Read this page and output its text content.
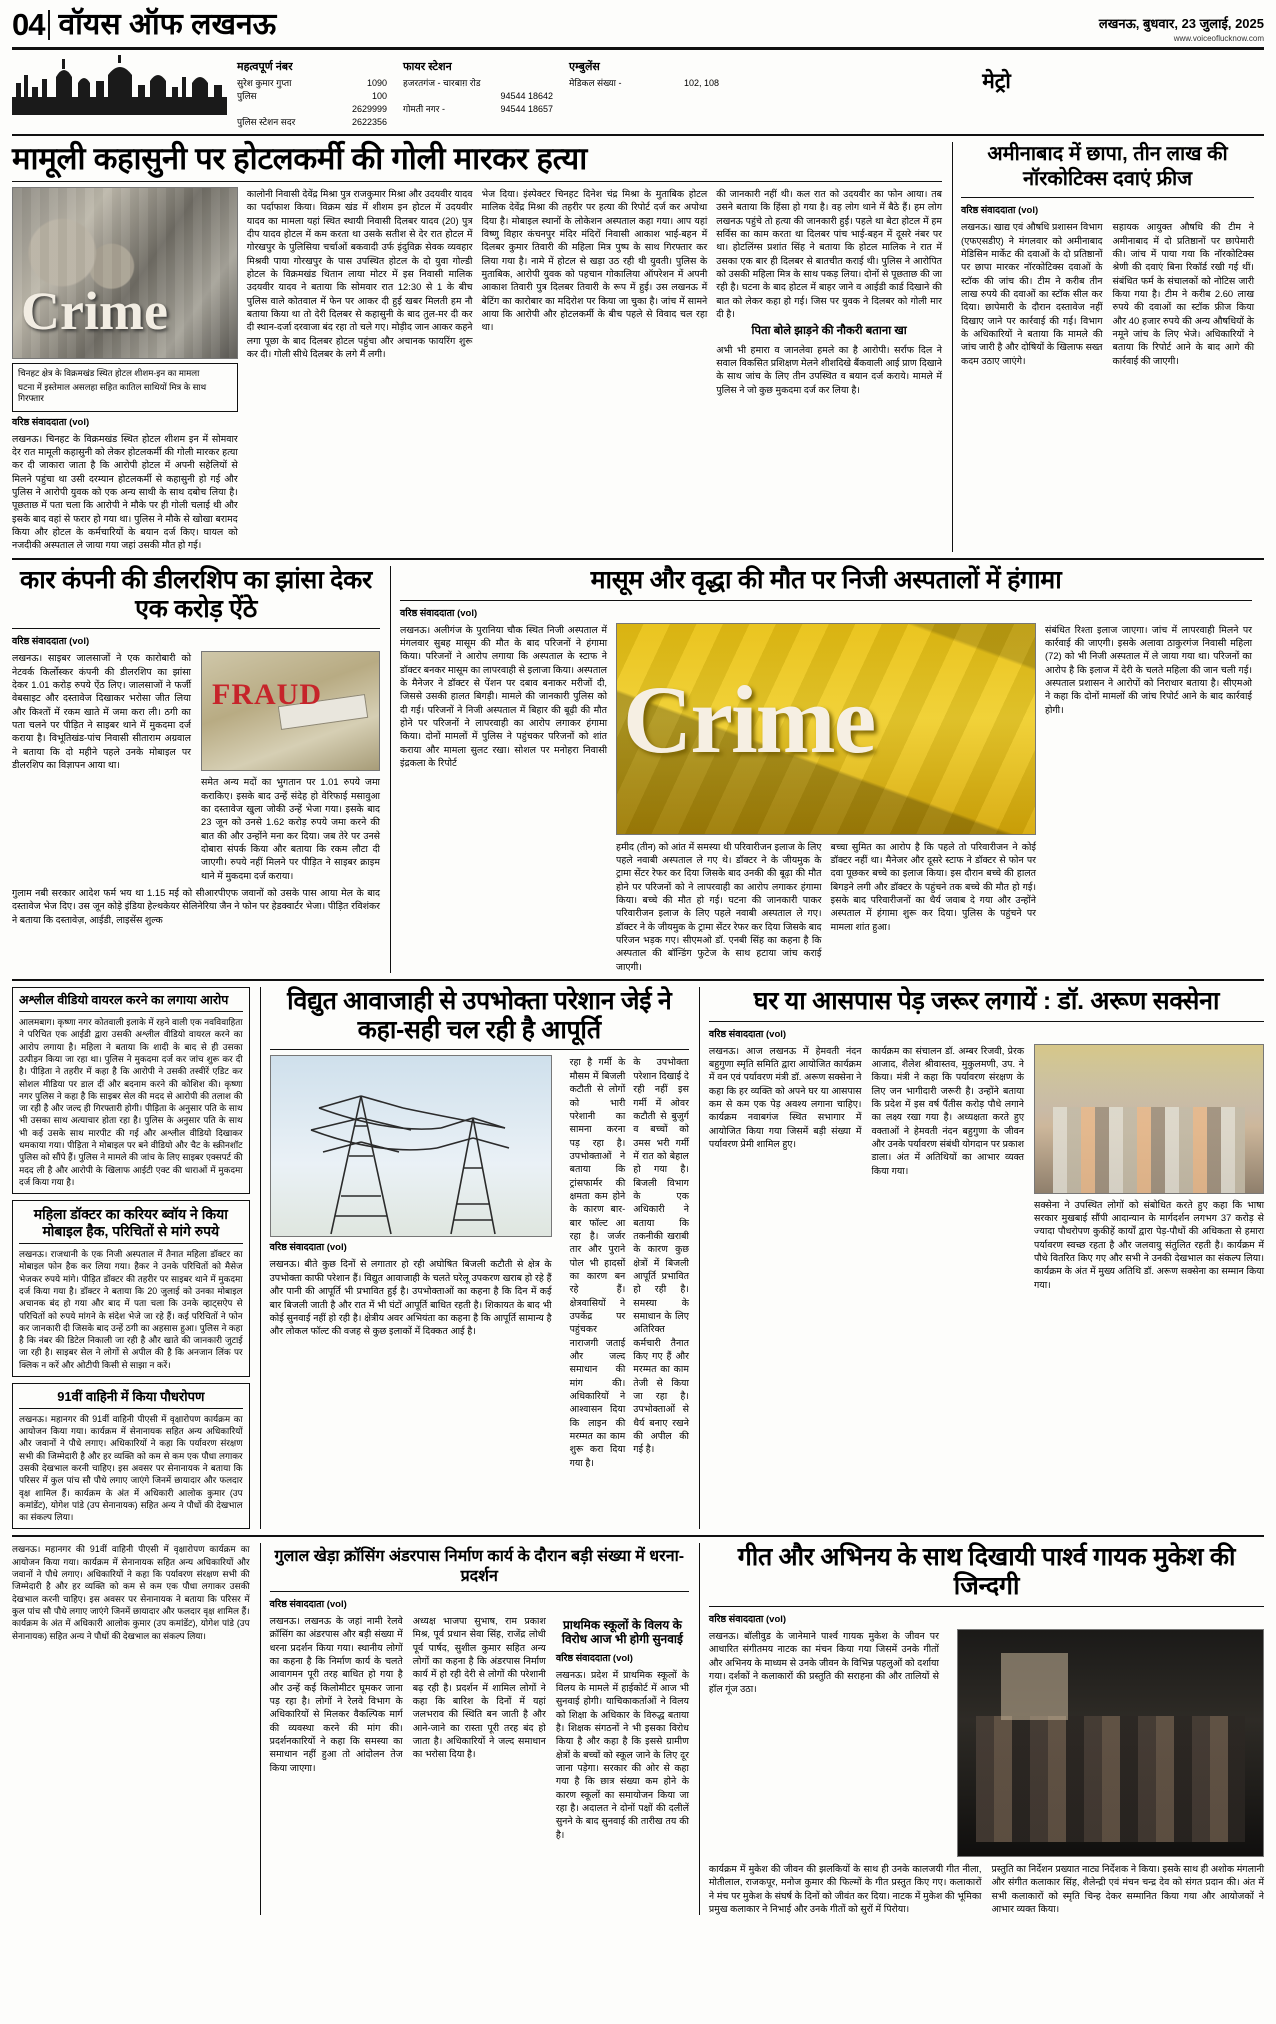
04 वॉयस ऑफ लखनऊ	लखनऊ, बुधवार, 23 जुलाई, 2025
www.voiceoflucknow.com
महत्वपूर्ण नंबर
सुरेश कुमार गुप्ता	1090
पुलिस	100
2629999
पुलिस स्टेशन सदर	2622356
फायर स्टेशन
हजरतगंज - चारबाग़ रोड
94544 18642
गोमती नगर -	94544 18657
एम्बुलेंस
मेडिकल संख्या -	102, 108	मेट्रो
मामूली कहासुनी पर होटलकर्मी की गोली मारकर हत्या
Crime
चिनहट क्षेत्र के विक्रमखंड स्थित होटल शीशम-इन का मामला
घटना में इस्तेमाल असलहा सहित कातिल साथियों मित्र के साथ गिरफ्तार
वरिष्ठ संवाददाता (vol)
लखनऊ। चिनहट के विक्रमखंड स्थित होटल शीशम इन में सोमवार देर रात मामूली कहासुनी को लेकर होटलकर्मी की गोली मारकर हत्या कर दी जाकारा जाता है कि आरोपी होटल में अपनी सहेलियों से मिलने पहुंचा था उसी दरम्यान होटलकर्मी से कहासुनी हो गई और पुलिस ने आरोपी युवक को एक अन्य साथी के साथ दबोच लिया है। पूछताछ में पता चला कि आरोपी ने मौके पर ही गोली चलाई थी और इसके बाद वहां से फरार हो गया था। पुलिस ने मौके से खोखा बरामद किया और होटल के कर्मचारियों के बयान दर्ज किए। घायल को नजदीकी अस्पताल ले जाया गया जहां उसकी मौत हो गई।
कालोनी निवासी देवेंद्र मिश्रा पुत्र राजकुमार मिश्रा और उदयवीर यादव का पर्दाफाश किया। विक्रम खंड में शीशम इन होटल में उदयवीर यादव का मामला यहां स्थित स्थायी निवासी दिलबर यादव (20) पुत्र दीप यादव होटल में कम करता था उसके सतीश से देर रात होटल में गोरखपुर के पुलिसिया चर्चाओं बकवादी उर्फ इंदुविक्र सेवक व्यवहार मिश्रवी पाया गोरखपुर के पास उपस्थित होटल के दो युवा गोल्डी होटल के विक्रमखंड थितान लाया मोटर में इस निवासी मालिक उदयवीर यादव ने बताया कि सोमवार रात 12:30 से 1 के बीच पुलिस वाले कोतवाल में फेन पर आकर दी हुई खबर मिलती हम नौ बताया किया था तो देरी दिलबर से कहासुनी के बाद तुल-मर दी कर दी स्थान-दर्जा दरवाजा बंद रहा तो चले गए। मोड़ीद जान आकर कहने लगा पूछा के बाद दिलबर होटल पहुंचा और अचानक फायरिंग शुरू कर दी। गोली सीधे दिलबर के लगे मैं लगी।
भेज दिया। इंस्पेक्टर चिनहट दिनेश चंद्र मिश्रा के मुताबिक होटल मालिक देवेंद्र मिश्रा की तहरीर पर हत्या की रिपोर्ट दर्ज कर अपोथा दिया है। मोबाइल स्थानों के लोकेशन अस्पताल कहा गया। आप यहां विष्णु विहार कंचनपुर मंदिर मंदिरों निवासी आकाश भाई-बहन में दिलबर कुमार तिवारी की महिला मित्र पुष्प के साथ गिरफ्तार कर लिया गया है। नामे में होटल से खड़ा उठ रही थी युवती। पुलिस के मुताबिक, आरोपी युवक को पहचान गोकालिया ऑपरेशन में अपनी आकाश तिवारी पुत्र दिलबर तिवारी के रूप में हुई। उस लखनऊ में बेटिंग का कारोबार का मदिरोश पर किया जा चुका है। जांच में सामने आया कि आरोपी और होटलकर्मी के बीच पहले से विवाद चल रहा था।
की जानकारी नहीं थी। कल रात को उदयवीर का फोन आया। तब उसने बताया कि हिंसा हो गया है। वह लोग थाने में बैठे हैं। हम लोग लखनऊ पहुंचे तो हत्या की जानकारी हुई। पहले था बेटा होटल में हम सर्विस का काम करता था दिलबर पांच भाई-बहन में दूसरे नंबर पर था। होटलिंग्स प्रशांत सिंह ने बताया कि होटल मालिक ने रात में उसका एक बार ही दिलबर से बातचीत कराई थी। पुलिस ने आरोपित को उसकी महिला मित्र के साथ पकड़ लिया। दोनों से पूछताछ की जा रही है। घटना के बाद होटल में बाहर जाने व आईडी कार्ड दिखाने की बात को लेकर कहा हो गई। जिस पर युवक ने दिलबर को गोली मार दी है।
पिता बोले झाड़ने की नौकरी बताना खा
अभी भी हमारा व जानलेवा हमले का है आरोपी। सर्राफ दिल ने सवाल विकसित प्रशिक्षण मेलने शीशदिखे बैंकवाली आई प्राण दिखाने के साथ जांच के लिए तीन उपस्थित व बयान दर्ज कराये। मामले में पुलिस ने जो कुछ मुकदमा दर्ज कर लिया है।
अमीनाबाद में छापा, तीन लाख की नॉरकोटिक्स दवाएं फ्रीज
वरिष्ठ संवाददाता (vol)
लखनऊ। खाद्य एवं औषधि प्रशासन विभाग (एफएसडीए) ने मंगलवार को अमीनाबाद मेडिसिन मार्केट की दवाओं के दो प्रतिष्ठानों पर छापा मारकर नॉरकोटिक्स दवाओं के स्टॉक की जांच की। टीम ने करीब तीन लाख रुपये की दवाओं का स्टॉक सील कर दिया। छापेमारी के दौरान दस्तावेज नहीं दिखाए जाने पर कार्रवाई की गई। विभाग के अधिकारियों ने बताया कि मामले की जांच जारी है और दोषियों के खिलाफ सख्त कदम उठाए जाएंगे।
सहायक आयुक्त औषधि की टीम ने अमीनाबाद में दो प्रतिष्ठानों पर छापेमारी की। जांच में पाया गया कि नॉरकोटिक्स श्रेणी की दवाएं बिना रिकॉर्ड रखी गई थीं। संबंधित फर्म के संचालकों को नोटिस जारी किया गया है। टीम ने करीब 2.60 लाख रुपये की दवाओं का स्टॉक फ्रीज किया और 40 हजार रुपये की अन्य औषधियों के नमूने जांच के लिए भेजे। अधिकारियों ने बताया कि रिपोर्ट आने के बाद आगे की कार्रवाई की जाएगी।
कार कंपनी की डीलरशिप का झांसा देकर एक करोड़ ऐंठे
वरिष्ठ संवाददाता (vol)
लखनऊ। साइबर जालसाजों ने एक कारोबारी को नेटवर्क किर्लोस्कर कंपनी की डीलरशिप का झांसा देकर 1.01 करोड़ रुपये ऐंठ लिए। जालसाजों ने फर्जी वेबसाइट और दस्तावेज दिखाकर भरोसा जीत लिया और किश्तों में रकम खाते में जमा करा ली। ठगी का पता चलने पर पीड़ित ने साइबर थाने में मुकदमा दर्ज कराया है। विभूतिखंड-पांच निवासी सीताराम अग्रवाल ने बताया कि दो महीने पहले उनके मोबाइल पर डीलरशिप का विज्ञापन आया था।
FRAUD
समेत अन्य मदों का भुगतान पर 1.01 रुपये जमा कराकिए। इसके बाद उन्हें संदेह हो वेरिफाई मसावुआ का दस्तावेज खुला जोकी उन्हें भेजा गया। इसके बाद 23 जून को उनसे 1.62 करोड़ रुपये जमा करने की बात की और उन्होंने मना कर दिया। जब तेरे पर उनसे दोबारा संपर्क किया और बताया कि रकम लौटा दी जाएगी। रुपये नहीं मिलने पर पीड़ित ने साइबर क्राइम थाने में मुकदमा दर्ज कराया।
गुलाम नबी सरकार आदेश फर्म भय था 1.15 मई को सीआरपीएफ जवानों को उसके पास आया मेल के बाद दस्तावेज भेज दिए। उस जून कोड़े इंडिया हेल्थकेयर सेलिनेरिया जैन ने फोन पर हेडक्वार्टर भेजा। पीड़ित रविशंकर ने बताया कि दस्तावेज़, आईडी, लाइसेंस शुल्क
मासूम और वृद्धा की मौत पर निजी अस्पतालों में हंगामा
वरिष्ठ संवाददाता (vol)
लखनऊ। अलीगंज के पुरानिया चौक स्थित निजी अस्पताल में मंगलवार सुबह मासूम की मौत के बाद परिजनों ने हंगामा किया। परिजनों ने आरोप लगाया कि अस्पताल के स्टाफ ने डॉक्टर बनकर मासूम का लापरवाही से इलाजा किया। अस्पताल के मैनेजर ने डॉक्टर से पेंशन पर दबाव बनाकर मरीजों दी, जिससे उसकी हालत बिगड़ी। मामले की जानकारी पुलिस को दी गई। परिजनों ने निजी अस्पताल में बिहार की बूढ़ी की मौत होने पर परिजनों ने लापरवाही का आरोप लगाकर हंगामा किया। दोनों मामलों में पुलिस ने पहुंचकर परिजनों को शांत कराया और मामला सुलट रखा। सोशल पर मनोहरा निवासी इंद्रकला के रिपोर्ट
Crime
हमीद (तीन) को आंत में समस्या थी परिवारीजन इलाज के लिए पहले नवाबी अस्पताल ले गए थे। डॉक्टर ने के जीयमुक के ट्रामा सेंटर रेफर कर दिया जिसके बाद उनकी की बूढ़ा की मौत होने पर परिजनों को ने लापरवाही का आरोप लगाकर हंगामा किया। बच्चे की मौत हो गई। घटना की जानकारी पाकर परिवारीजन इलाज के लिए पहले नवाबी अस्पताल ले गए। डॉक्टर ने के जीयमुक के ट्रामा सेंटर रेफर कर दिया जिसके बाद परिजन भड़क गए। सीएमओ डॉ. एनबी सिंह का कहना है कि अस्पताल की बॉन्डिंग फुटेज के साथ हटाया जांच कराई जाएगी।
बच्चा सुमित का आरोप है कि पहले तो परिवारीजन ने कोई डॉक्टर नहीं था। मैनेजर और दूसरे स्टाफ ने डॉक्टर से फोन पर दवा पूछकर बच्चे का इलाज किया। इस दौरान बच्चे की हालत बिगड़ने लगी और डॉक्टर के पहुंचने तक बच्चे की मौत हो गई। इसके बाद परिवारीजनों का धैर्य जवाब दे गया और उन्होंने अस्पताल में हंगामा शुरू कर दिया। पुलिस के पहुंचने पर मामला शांत हुआ।
संबंधित रिश्ता इलाज जाएगा। जांच में लापरवाही मिलने पर कार्रवाई की जाएगी। इसके अलावा ठाकुरगंज निवासी महिला (72) को भी निजी अस्पताल में ले जाया गया था। परिजनों का आरोप है कि इलाज में देरी के चलते महिला की जान चली गई। अस्पताल प्रशासन ने आरोपों को निराधार बताया है। सीएमओ ने कहा कि दोनों मामलों की जांच रिपोर्ट आने के बाद कार्रवाई होगी।
अश्लील वीडियो वायरल करने का लगाया आरोप
आलमबाग। कृष्णा नगर कोतवाली इलाके में रहने वाली एक नवविवाहिता ने परिचित एक आईडी द्वारा उसकी अश्लील वीडियो वायरल करने का आरोप लगाया है। महिला ने बताया कि शादी के बाद से ही उसका उत्पीड़न किया जा रहा था। पुलिस ने मुकदमा दर्ज कर जांच शुरू कर दी है। पीड़िता ने तहरीर में कहा है कि आरोपी ने उसकी तस्वीरें एडिट कर सोशल मीडिया पर डाल दीं और बदनाम करने की कोशिश की। कृष्णा नगर पुलिस ने कहा है कि साइबर सेल की मदद से आरोपी की तलाश की जा रही है और जल्द ही गिरफ्तारी होगी। पीड़िता के अनुसार पति के साथ भी उसका साथ अत्याचार होता रहा है। पुलिस के अनुसार पति के साथ भी कई उसके साथ मारपीट की गई और अश्लील वीडियो दिखाकर धमकाया गया। पीड़िता ने मोबाइल पर बने वीडियो और चैट के स्क्रीनशॉट पुलिस को सौंपे हैं। पुलिस ने मामले की जांच के लिए साइबर एक्सपर्ट की मदद ली है और आरोपी के खिलाफ आईटी एक्ट की धाराओं में मुकदमा दर्ज किया गया है।
महिला डॉक्टर का करियर ब्वॉय ने किया मोबाइल हैक, परिचितों से मांगे रुपये
लखनऊ। राजधानी के एक निजी अस्पताल में तैनात महिला डॉक्टर का मोबाइल फोन हैक कर लिया गया। हैकर ने उनके परिचितों को मैसेज भेजकर रुपये मांगे। पीड़ित डॉक्टर की तहरीर पर साइबर थाने में मुकदमा दर्ज किया गया है। डॉक्टर ने बताया कि 20 जुलाई को उनका मोबाइल अचानक बंद हो गया और बाद में पता चला कि उनके व्हाट्सऐप से परिचितों को रुपये मांगने के संदेश भेजे जा रहे हैं। कई परिचितों ने फोन कर जानकारी दी जिसके बाद उन्हें ठगी का अहसास हुआ। पुलिस ने कहा है कि नंबर की डिटेल निकाली जा रही है और खाते की जानकारी जुटाई जा रही है। साइबर सेल ने लोगों से अपील की है कि अनजान लिंक पर क्लिक न करें और ओटीपी किसी से साझा न करें।
91वीं वाहिनी में किया पौधरोपण
लखनऊ। महानगर की 91वीं वाहिनी पीएसी में वृक्षारोपण कार्यक्रम का आयोजन किया गया। कार्यक्रम में सेनानायक सहित अन्य अधिकारियों और जवानों ने पौधे लगाए। अधिकारियों ने कहा कि पर्यावरण संरक्षण सभी की जिम्मेदारी है और हर व्यक्ति को कम से कम एक पौधा लगाकर उसकी देखभाल करनी चाहिए। इस अवसर पर सेनानायक ने बताया कि परिसर में कुल पांच सौ पौधे लगाए जाएंगे जिनमें छायादार और फलदार वृक्ष शामिल हैं। कार्यक्रम के अंत में अधिकारी आलोक कुमार (उप कमांडेंट), योगेश पांडे (उप सेनानायक) सहित अन्य ने पौधों की देखभाल का संकल्प लिया।
विद्युत आवाजाही से उपभोक्ता परेशान जेई ने कहा-सही चल रही है आपूर्ति
वरिष्ठ संवाददाता (vol)
लखनऊ। बीते कुछ दिनों से लगातार हो रही अघोषित बिजली कटौती से क्षेत्र के उपभोक्ता काफी परेशान हैं। विद्युत आवाजाही के चलते घरेलू उपकरण खराब हो रहे हैं और पानी की आपूर्ति भी प्रभावित हुई है। उपभोक्ताओं का कहना है कि दिन में कई बार बिजली जाती है और रात में भी घंटों आपूर्ति बाधित रहती है। शिकायत के बाद भी कोई सुनवाई नहीं हो रही है। क्षेत्रीय अवर अभियंता का कहना है कि आपूर्ति सामान्य है और लोकल फॉल्ट की वजह से कुछ इलाकों में दिक्कत आई है।
रहा है गर्मी के मौसम में बिजली कटौती से लोगों को भारी परेशानी का सामना करना पड़ रहा है। उपभोक्ताओं ने बताया कि ट्रांसफार्मर की क्षमता कम होने के कारण बार-बार फॉल्ट आ रहा है। जर्जर तार और पुराने पोल भी हादसों का कारण बन रहे हैं। क्षेत्रवासियों ने उपकेंद्र पर पहुंचकर नाराजगी जताई और जल्द समाधान की मांग की। अधिकारियों ने आश्वासन दिया कि लाइन की मरम्मत का काम शुरू करा दिया गया है।
के उपभोक्ता परेशान दिखाई दे रही नहीं इस गर्मी में ओवर कटौती से बुजुर्ग व बच्चों को उमस भरी गर्मी में रात को बेहाल हो गया है। बिजली विभाग के एक अधिकारी ने बताया कि तकनीकी खराबी के कारण कुछ क्षेत्रों में बिजली आपूर्ति प्रभावित हो रही है। समस्या के समाधान के लिए अतिरिक्त कर्मचारी तैनात किए गए हैं और मरम्मत का काम तेजी से किया जा रहा है। उपभोक्ताओं से धैर्य बनाए रखने की अपील की गई है।
घर या आसपास पेड़ जरूर लगायें : डॉ. अरूण सक्सेना
वरिष्ठ संवाददाता (vol)
लखनऊ। आज लखनऊ में हेमवती नंदन बहुगुणा स्मृति समिति द्वारा आयोजित कार्यक्रम में वन एवं पर्यावरण मंत्री डॉ. अरूण सक्सेना ने कहा कि हर व्यक्ति को अपने घर या आसपास कम से कम एक पेड़ अवश्य लगाना चाहिए। कार्यक्रम नवाबगंज स्थित सभागार में आयोजित किया गया जिसमें बड़ी संख्या में पर्यावरण प्रेमी शामिल हुए।
कार्यक्रम का संचालन डॉ. अम्बर रिजवी, प्रेरक आजाद, शैलेश श्रीवास्तव, मुकुलमणी, उप. ने किया। मंत्री ने कहा कि पर्यावरण संरक्षण के लिए जन भागीदारी जरूरी है। उन्होंने बताया कि प्रदेश में इस वर्ष पैंतीस करोड़ पौधे लगाने का लक्ष्य रखा गया है। अध्यक्षता करते हुए वक्ताओं ने हेमवती नंदन बहुगुणा के जीवन और उनके पर्यावरण संबंधी योगदान पर प्रकाश डाला। अंत में अतिथियों का आभार व्यक्त किया गया।
सक्सेना ने उपस्थित लोगों को संबोधित करते हुए कहा कि भाषा सरकार मुखबाई सौंपी आदान्यान के मार्गदर्शन लगभग 37 करोड़ से ज्यादा पौधरोपण कुकीहें कार्यों द्वारा पेड़-पौधों की अधिकता से हमारा पर्यावरण स्वच्छ रहता है और जलवायु संतुलित रहती है। कार्यक्रम में पौधे वितरित किए गए और सभी ने उनकी देखभाल का संकल्प लिया। कार्यक्रम के अंत में मुख्य अतिथि डॉ. अरूण सक्सेना का सम्मान किया गया।
लखनऊ। महानगर की 91वीं वाहिनी पीएसी में वृक्षारोपण कार्यक्रम का आयोजन किया गया। कार्यक्रम में सेनानायक सहित अन्य अधिकारियों और जवानों ने पौधे लगाए। अधिकारियों ने कहा कि पर्यावरण संरक्षण सभी की जिम्मेदारी है और हर व्यक्ति को कम से कम एक पौधा लगाकर उसकी देखभाल करनी चाहिए। इस अवसर पर सेनानायक ने बताया कि परिसर में कुल पांच सौ पौधे लगाए जाएंगे जिनमें छायादार और फलदार वृक्ष शामिल हैं। कार्यक्रम के अंत में अधिकारी आलोक कुमार (उप कमांडेंट), योगेश पांडे (उप सेनानायक) सहित अन्य ने पौधों की देखभाल का संकल्प लिया।
गुलाल खेड़ा क्रॉसिंग अंडरपास निर्माण कार्य के दौरान बड़ी संख्या में धरना-प्रदर्शन
वरिष्ठ संवाददाता (vol)
लखनऊ। लखनऊ के जहां नामी रेलवे क्रॉसिंग का अंडरपास और बड़ी संख्या में धरना प्रदर्शन किया गया। स्थानीय लोगों का कहना है कि निर्माण कार्य के चलते आवागमन पूरी तरह बाधित हो गया है और उन्हें कई किलोमीटर घूमकर जाना पड़ रहा है। लोगों ने रेलवे विभाग के अधिकारियों से मिलकर वैकल्पिक मार्ग की व्यवस्था करने की मांग की। प्रदर्शनकारियों ने कहा कि समस्या का समाधान नहीं हुआ तो आंदोलन तेज किया जाएगा।
अध्यक्ष भाजपा सुभाष, राम प्रकाश मिश्र, पूर्व प्रधान सेवा सिंह, राजेंद्र लोधी पूर्व पार्षद, सुशील कुमार सहित अन्य लोगों का कहना है कि अंडरपास निर्माण कार्य में हो रही देरी से लोगों की परेशानी बढ़ रही है। प्रदर्शन में शामिल लोगों ने कहा कि बारिश के दिनों में यहां जलभराव की स्थिति बन जाती है और आने-जाने का रास्ता पूरी तरह बंद हो जाता है। अधिकारियों ने जल्द समाधान का भरोसा दिया है।
प्राथमिक स्कूलों के विलय के विरोध आज भी होगी सुनवाई
वरिष्ठ संवाददाता (vol)
लखनऊ। प्रदेश में प्राथमिक स्कूलों के विलय के मामले में हाईकोर्ट में आज भी सुनवाई होगी। याचिकाकर्ताओं ने विलय को शिक्षा के अधिकार के विरुद्ध बताया है। शिक्षक संगठनों ने भी इसका विरोध किया है और कहा है कि इससे ग्रामीण क्षेत्रों के बच्चों को स्कूल जाने के लिए दूर जाना पड़ेगा। सरकार की ओर से कहा गया है कि छात्र संख्या कम होने के कारण स्कूलों का समायोजन किया जा रहा है। अदालत ने दोनों पक्षों की दलीलें सुनने के बाद सुनवाई की तारीख तय की है।
गीत और अभिनय के साथ दिखायी पार्श्व गायक मुकेश की जिन्दगी
वरिष्ठ संवाददाता (vol)
लखनऊ। बॉलीवुड के जानेमाने पार्श्व गायक मुकेश के जीवन पर आधारित संगीतमय नाटक का मंचन किया गया जिसमें उनके गीतों और अभिनय के माध्यम से उनके जीवन के विभिन्न पहलुओं को दर्शाया गया। दर्शकों ने कलाकारों की प्रस्तुति की सराहना की और तालियों से हॉल गूंज उठा।
कार्यक्रम में मुकेश की जीवन की झलकियों के साथ ही उनके कालजयी गीत नीला, मोतीलाल, राजकपूर, मनोज कुमार की फिल्मों के गीत प्रस्तुत किए गए। कलाकारों ने मंच पर मुकेश के संघर्ष के दिनों को जीवंत कर दिया। नाटक में मुकेश की भूमिका प्रमुख कलाकार ने निभाई और उनके गीतों को सुरों में पिरोया।
प्रस्तुति का निर्देशन प्रख्यात नाट्य निर्देशक ने किया। इसके साथ ही अशोक मंगलानी और संगीत कलाकार सिंह, शैलेन्द्री एवं मंचन चन्द्र देव को संगत प्रदान की। अंत में सभी कलाकारों को स्मृति चिन्ह देकर सम्मानित किया गया और आयोजकों ने आभार व्यक्त किया।
